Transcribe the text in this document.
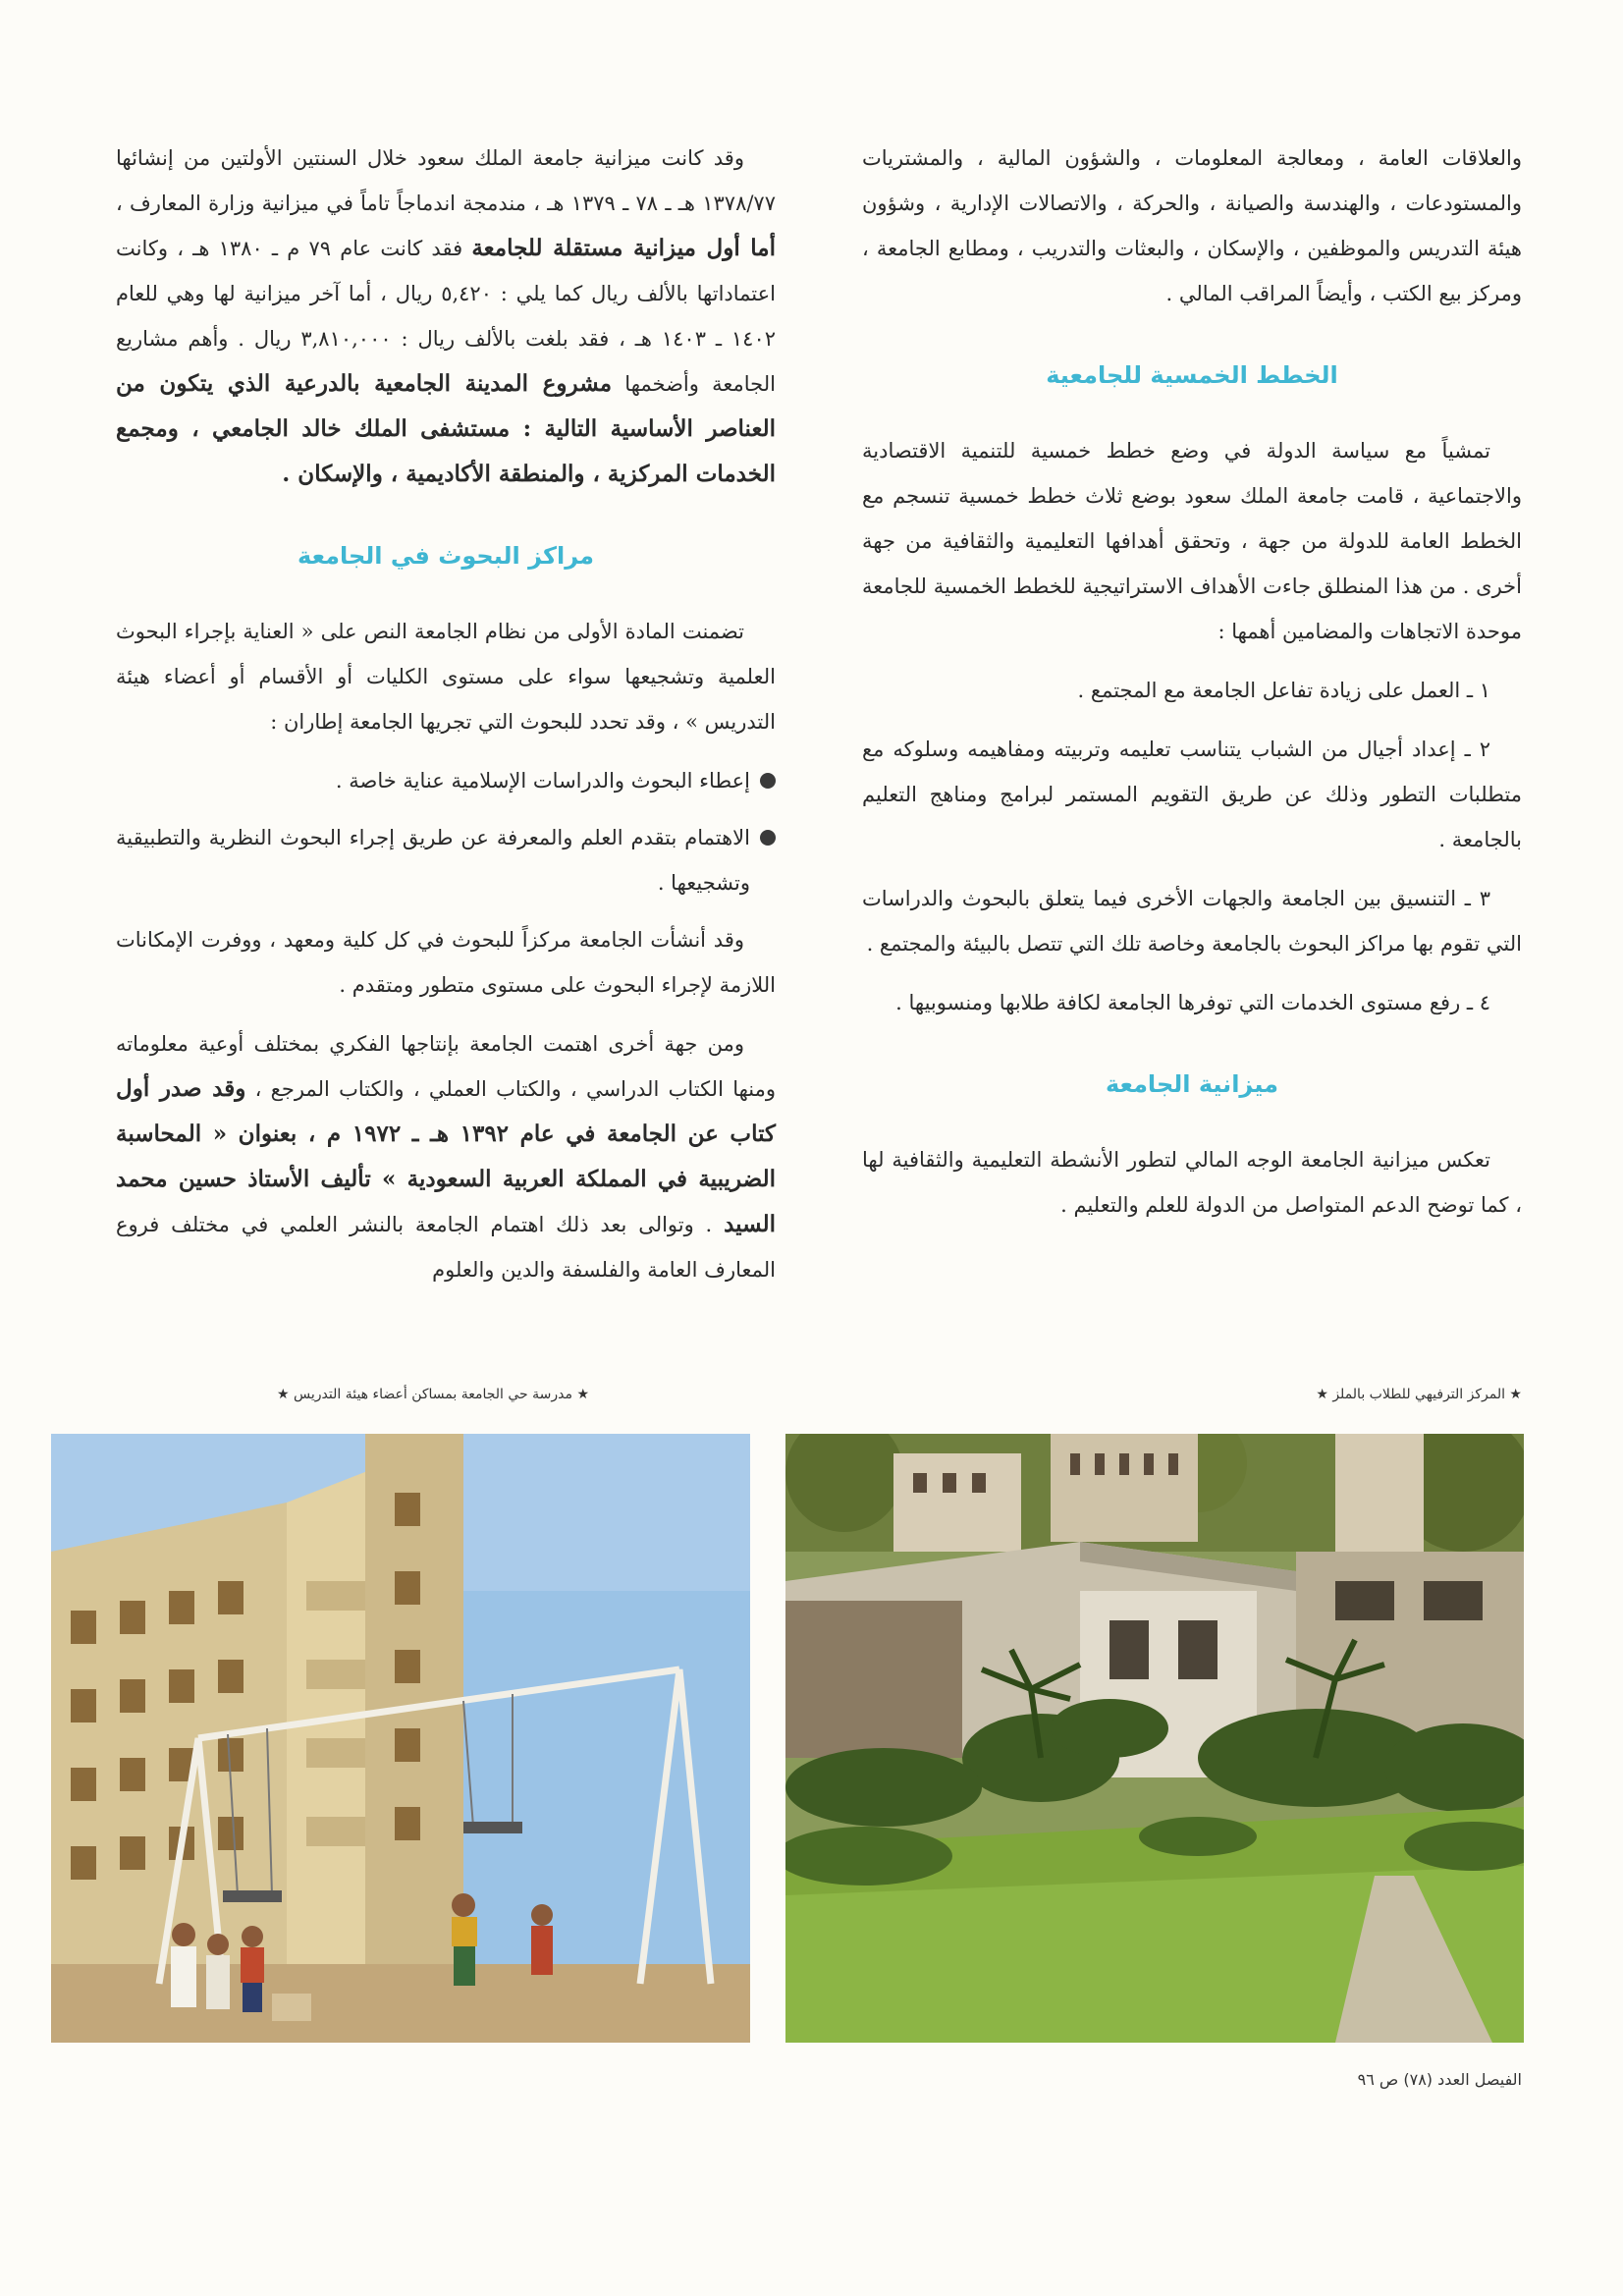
والعلاقات العامة ، ومعالجة المعلومات ، والشؤون المالية ، والمشتريات والمستودعات ، والهندسة والصيانة ، والحركة ، والاتصالات الإدارية ، وشؤون هيئة التدريس والموظفين ، والإسكان ، والبعثات والتدريب ، ومطابع الجامعة ، ومركز بيع الكتب ، وأيضاً المراقب المالي .

الخطط الخمسية للجامعية

تمشياً مع سياسة الدولة في وضع خطط خمسية للتنمية الاقتصادية والاجتماعية ، قامت جامعة الملك سعود بوضع ثلاث خطط خمسية تنسجم مع الخطط العامة للدولة من جهة ، وتحقق أهدافها التعليمية والثقافية من جهة أخرى . من هذا المنطلق جاءت الأهداف الاستراتيجية للخطط الخمسية للجامعة موحدة الاتجاهات والمضامين أهمها :

١ ـ العمل على زيادة تفاعل الجامعة مع المجتمع .

٢ ـ إعداد أجيال من الشباب يتناسب تعليمه وتربيته ومفاهيمه وسلوكه مع متطلبات التطور وذلك عن طريق التقويم المستمر لبرامج ومناهج التعليم بالجامعة .

٣ ـ التنسيق بين الجامعة والجهات الأخرى فيما يتعلق بالبحوث والدراسات التي تقوم بها مراكز البحوث بالجامعة وخاصة تلك التي تتصل بالبيئة والمجتمع .

٤ ـ رفع مستوى الخدمات التي توفرها الجامعة لكافة طلابها ومنسوبيها .

ميزانية الجامعة

تعكس ميزانية الجامعة الوجه المالي لتطور الأنشطة التعليمية والثقافية لها ، كما توضح الدعم المتواصل من الدولة للعلم والتعليم .

وقد كانت ميزانية جامعة الملك سعود خلال السنتين الأولتين من إنشائها ١٣٧٨/٧٧ هـ ـ ٧٨ ـ ١٣٧٩ هـ ، مندمجة اندماجاً تاماً في ميزانية وزارة المعارف ، أما أول ميزانية مستقلة للجامعة فقد كانت عام ٧٩ م ـ ١٣٨٠ هـ ، وكانت اعتماداتها بالألف ريال كما يلي : ٥,٤٢٠ ريال ، أما آخر ميزانية لها وهي للعام ١٤٠٢ ـ ١٤٠٣ هـ ، فقد بلغت بالألف ريال : ٣,٨١٠,٠٠٠ ريال . وأهم مشاريع الجامعة وأضخمها مشروع المدينة الجامعية بالدرعية الذي يتكون من العناصر الأساسية التالية : مستشفى الملك خالد الجامعي ، ومجمع الخدمات المركزية ، والمنطقة الأكاديمية ، والإسكان .

مراكز البحوث في الجامعة

تضمنت المادة الأولى من نظام الجامعة النص على « العناية بإجراء البحوث العلمية وتشجيعها سواء على مستوى الكليات أو الأقسام أو أعضاء هيئة التدريس » ، وقد تحدد للبحوث التي تجريها الجامعة إطاران :

إعطاء البحوث والدراسات الإسلامية عناية خاصة .
الاهتمام بتقدم العلم والمعرفة عن طريق إجراء البحوث النظرية والتطبيقية وتشجيعها .

وقد أنشأت الجامعة مركزاً للبحوث في كل كلية ومعهد ، ووفرت الإمكانات اللازمة لإجراء البحوث على مستوى متطور ومتقدم .

ومن جهة أخرى اهتمت الجامعة بإنتاجها الفكري بمختلف أوعية معلوماته ومنها الكتاب الدراسي ، والكتاب العملي ، والكتاب المرجع ، وقد صدر أول كتاب عن الجامعة في عام ١٣٩٢ هـ ـ ١٩٧٢ م ، بعنوان « المحاسبة الضريبية في المملكة العربية السعودية » تأليف الأستاذ حسين محمد السيد . وتوالى بعد ذلك اهتمام الجامعة بالنشر العلمي في مختلف فروع المعارف العامة والفلسفة والدين والعلوم

★ المركز الترفيهي للطلاب بالملز ★
★ مدرسة حي الجامعة بمساكن أعضاء هيئة التدريس ★
الفيصل العدد (٧٨) ص ٩٦
